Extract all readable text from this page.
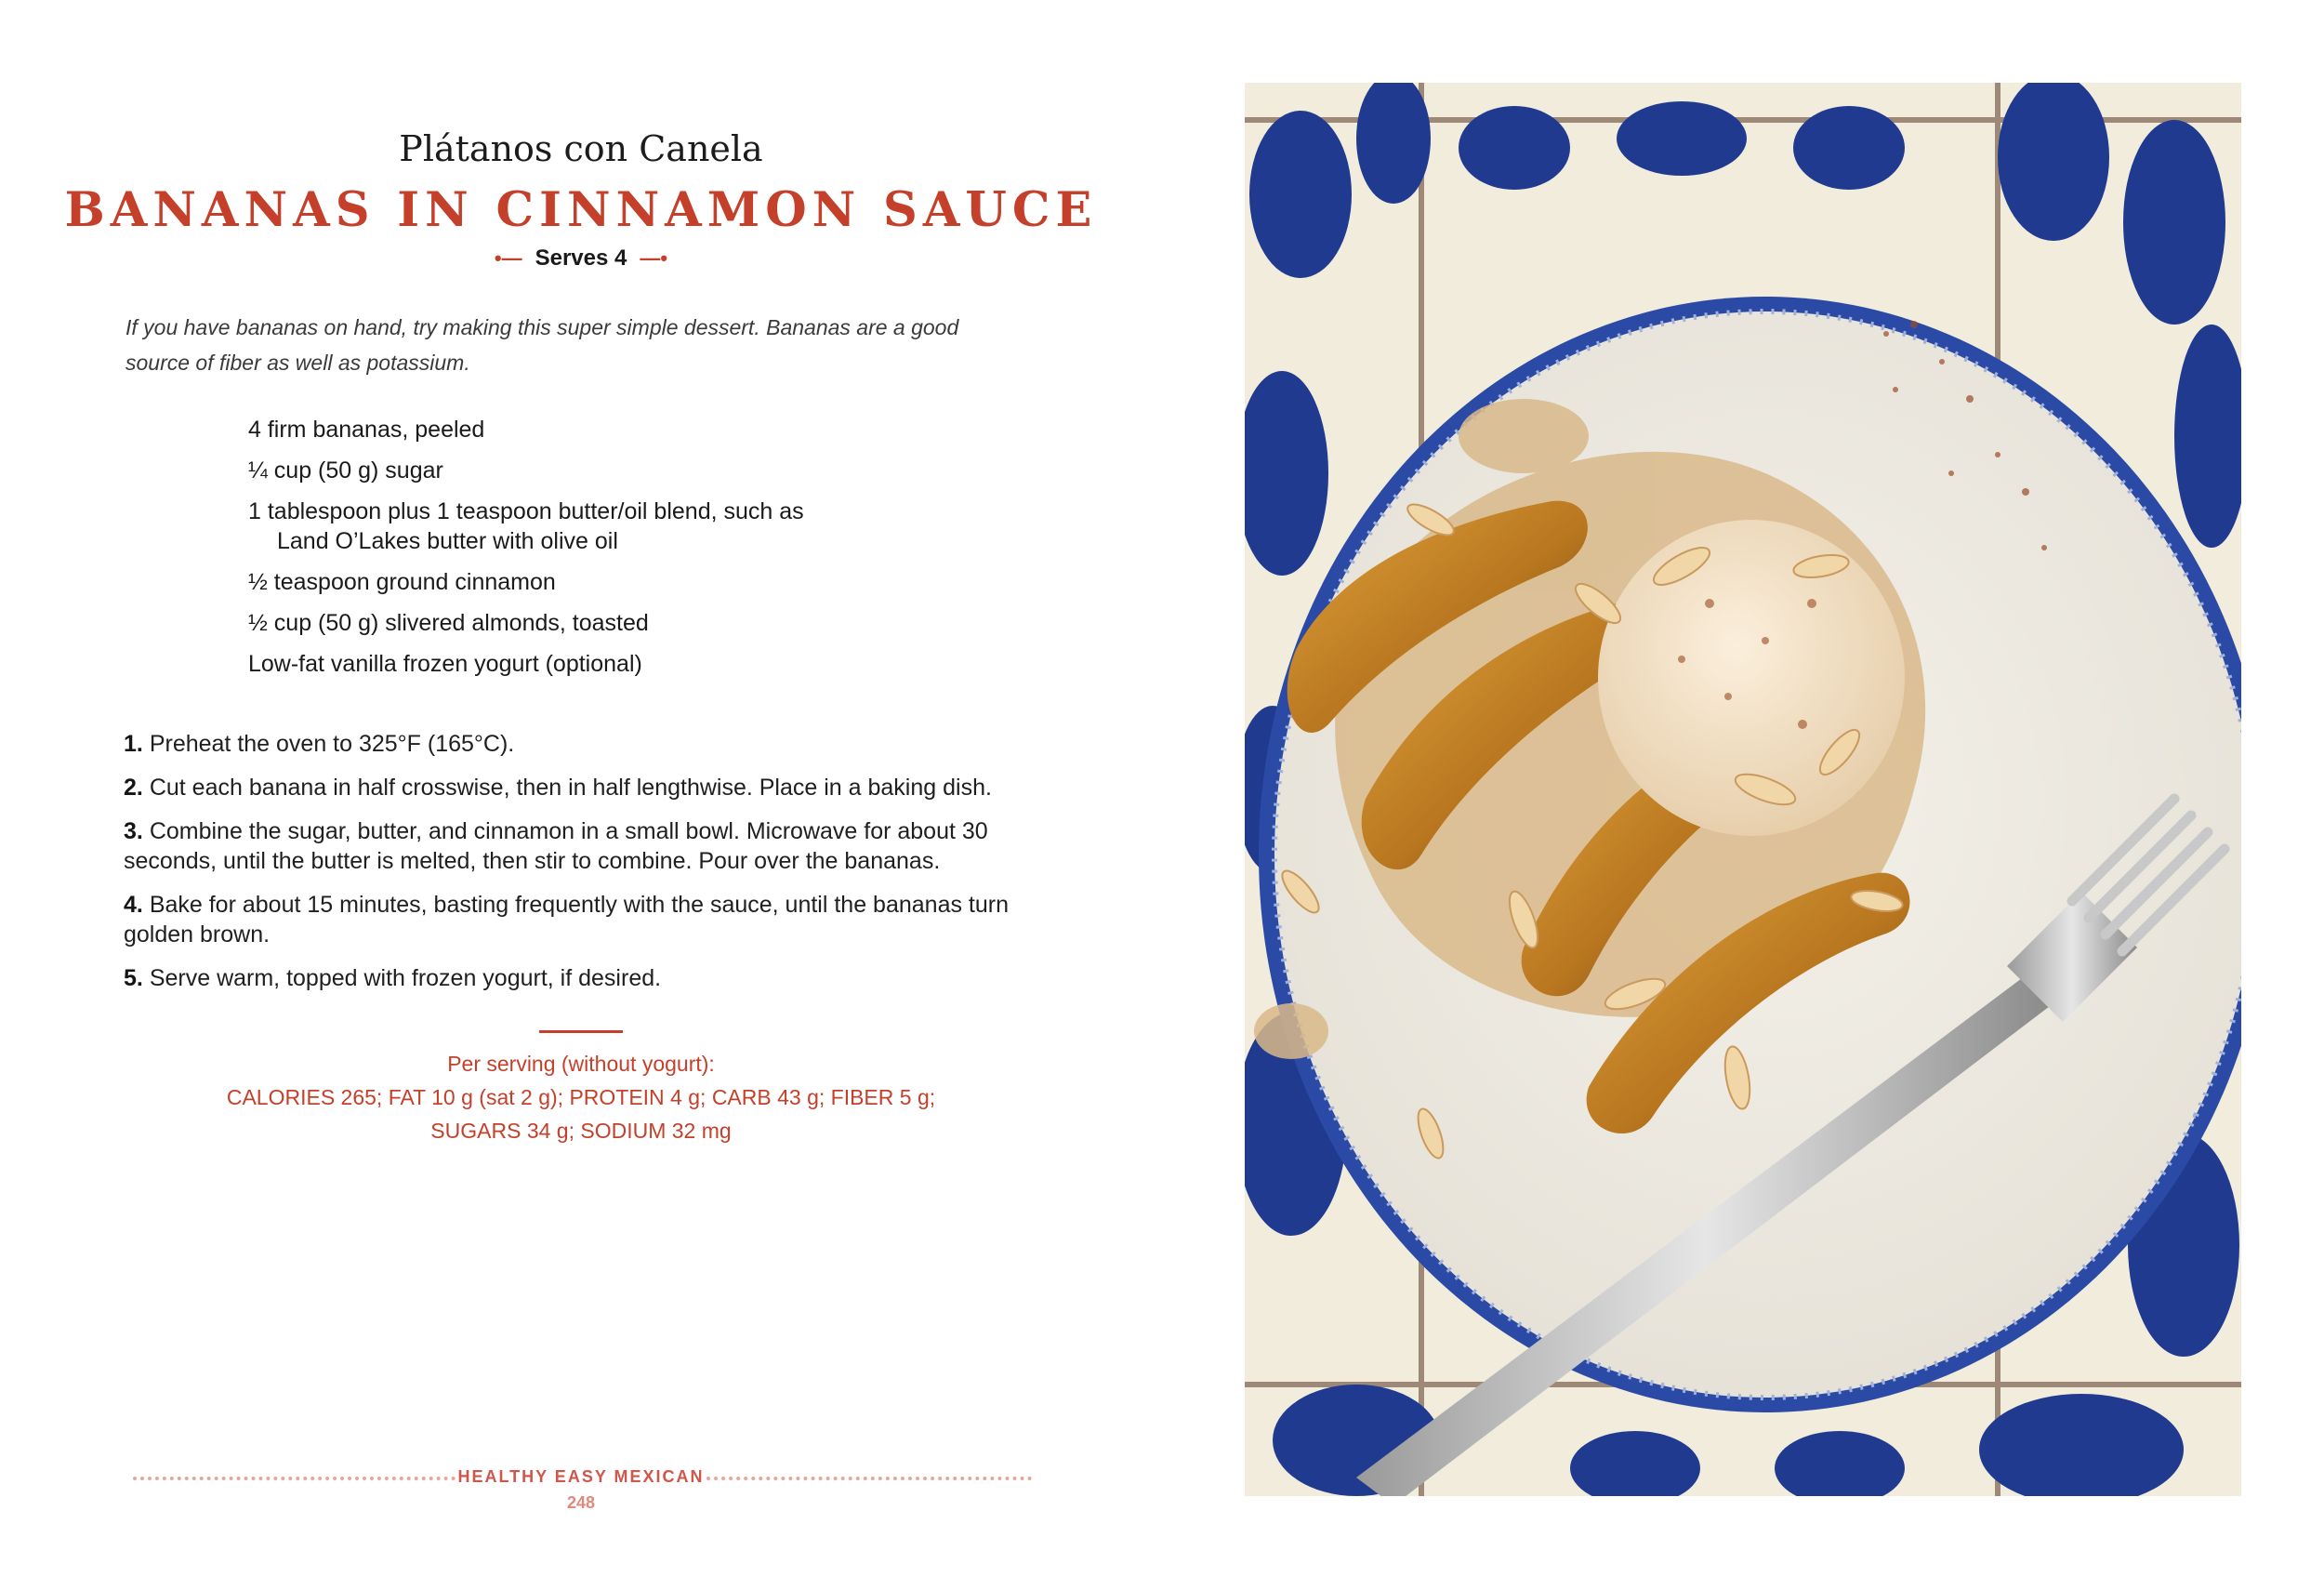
Plátanos con Canela
BANANAS IN CINNAMON SAUCE
•— Serves 4 —•

If you have bananas on hand, try making this super simple dessert. Bananas are a good source of fiber as well as potassium.

4 firm bananas, peeled
¼ cup (50 g) sugar
1 tablespoon plus 1 teaspoon butter/oil blend, such as
Land O’Lakes butter with olive oil
½ teaspoon ground cinnamon
½ cup (50 g) slivered almonds, toasted
Low-fat vanilla frozen yogurt (optional)
1. Preheat the oven to 325°F (165°C).
2. Cut each banana in half crosswise, then in half lengthwise. Place in a baking dish.
3. Combine the sugar, butter, and cinnamon in a small bowl. Microwave for about 30 seconds, until the butter is melted, then stir to combine. Pour over the bananas.
4. Bake for about 15 minutes, basting frequently with the sauce, until the bananas turn golden brown.
5. Serve warm, topped with frozen yogurt, if desired.
Per serving (without yogurt):
CALORIES 265; FAT 10 g (sat 2 g); PROTEIN 4 g; CARB 43 g; FIBER 5 g;
SUGARS 34 g; SODIUM 32 mg
HEALTHY EASY MEXICAN
248
